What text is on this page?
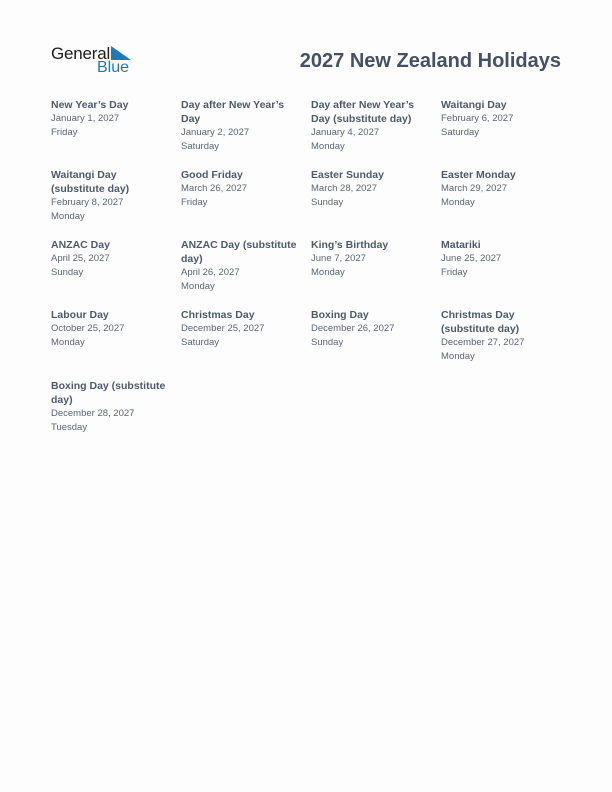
General
Blue	2027 New Zealand Holidays
New Year’s Day
January 1, 2027
Friday
Day after New Year’s Day
January 2, 2027
Saturday
Day after New Year’s Day (substitute day)
January 4, 2027
Monday
Waitangi Day
February 6, 2027
Saturday
Waitangi Day (substitute day)
February 8, 2027
Monday
Good Friday
March 26, 2027
Friday
Easter Sunday
March 28, 2027
Sunday
Easter Monday
March 29, 2027
Monday
ANZAC Day
April 25, 2027
Sunday
ANZAC Day (substitute day)
April 26, 2027
Monday
King’s Birthday
June 7, 2027
Monday
Matariki
June 25, 2027
Friday
Labour Day
October 25, 2027
Monday
Christmas Day
December 25, 2027
Saturday
Boxing Day
December 26, 2027
Sunday
Christmas Day (substitute day)
December 27, 2027
Monday
Boxing Day (substitute day)
December 28, 2027
Tuesday
